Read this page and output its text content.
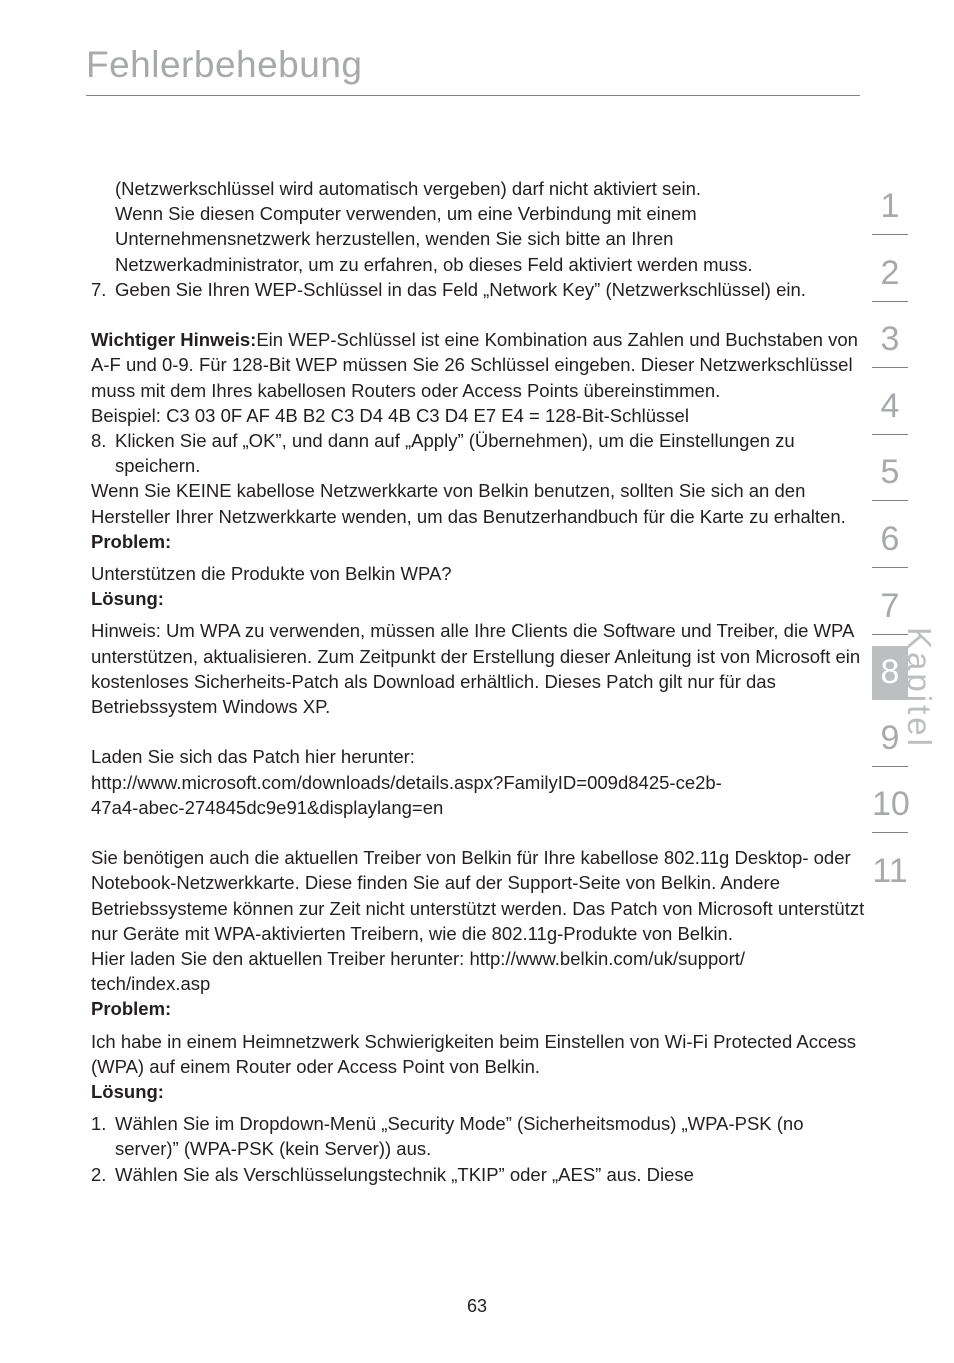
Fehlerbehebung

(Netzwerkschlüssel wird automatisch vergeben) darf nicht aktiviert sein.
Wenn Sie diesen Computer verwenden, um eine Verbindung mit einem
Unternehmensnetzwerk herzustellen, wenden Sie sich bitte an Ihren
Netzwerkadministrator, um zu erfahren, ob dieses Feld aktiviert werden muss.

7. Geben Sie Ihren WEP-Schlüssel in das Feld „Network Key” (Netzwerkschlüssel) ein.

Wichtiger Hinweis:Ein WEP-Schlüssel ist eine Kombination aus Zahlen und Buchstaben von A-F und 0-9. Für 128-Bit WEP müssen Sie 26 Schlüssel eingeben. Dieser Netzwerkschlüssel muss mit dem Ihres kabellosen Routers oder Access Points übereinstimmen.

Beispiel: C3 03 0F AF 4B B2 C3 D4 4B C3 D4 E7 E4 = 128-Bit-Schlüssel

8. Klicken Sie auf „OK”, und dann auf „Apply” (Übernehmen), um die Einstellungen zu speichern.

Wenn Sie KEINE kabellose Netzwerkkarte von Belkin benutzen, sollten Sie sich an den Hersteller Ihrer Netzwerkkarte wenden, um das Benutzerhandbuch für die Karte zu erhalten.

Problem:

Unterstützen die Produkte von Belkin WPA?

Lösung:

Hinweis: Um WPA zu verwenden, müssen alle Ihre Clients die Software und Treiber, die WPA unterstützen, aktualisieren. Zum Zeitpunkt der Erstellung dieser Anleitung ist von Microsoft ein kostenloses Sicherheits-Patch als Download erhältlich. Dieses Patch gilt nur für das Betriebssystem Windows XP.

Laden Sie sich das Patch hier herunter:
http://www.microsoft.com/downloads/details.aspx?FamilyID=009d8425-ce2b-
47a4-abec-274845dc9e91&displaylang=en

Sie benötigen auch die aktuellen Treiber von Belkin für Ihre kabellose 802.11g Desktop- oder Notebook-Netzwerkkarte. Diese finden Sie auf der Support-Seite von Belkin. Andere Betriebssysteme können zur Zeit nicht unterstützt werden. Das Patch von Microsoft unterstützt nur Geräte mit WPA-aktivierten Treibern, wie die 802.11g-Produkte von Belkin.

Hier laden Sie den aktuellen Treiber herunter: http://www.belkin.com/uk/support/
tech/index.asp

Problem:

Ich habe in einem Heimnetzwerk Schwierigkeiten beim Einstellen von Wi-Fi Protected Access (WPA) auf einem Router oder Access Point von Belkin.

Lösung:

1. Wählen Sie im Dropdown-Menü „Security Mode” (Sicherheitsmodus) „WPA-PSK (no server)” (WPA-PSK (kein Server)) aus.

2. Wählen Sie als Verschlüsselungstechnik „TKIP” oder „AES” aus. Diese

1
2
3
4
5
6
7
8
9
10
11
Kapitel
63
